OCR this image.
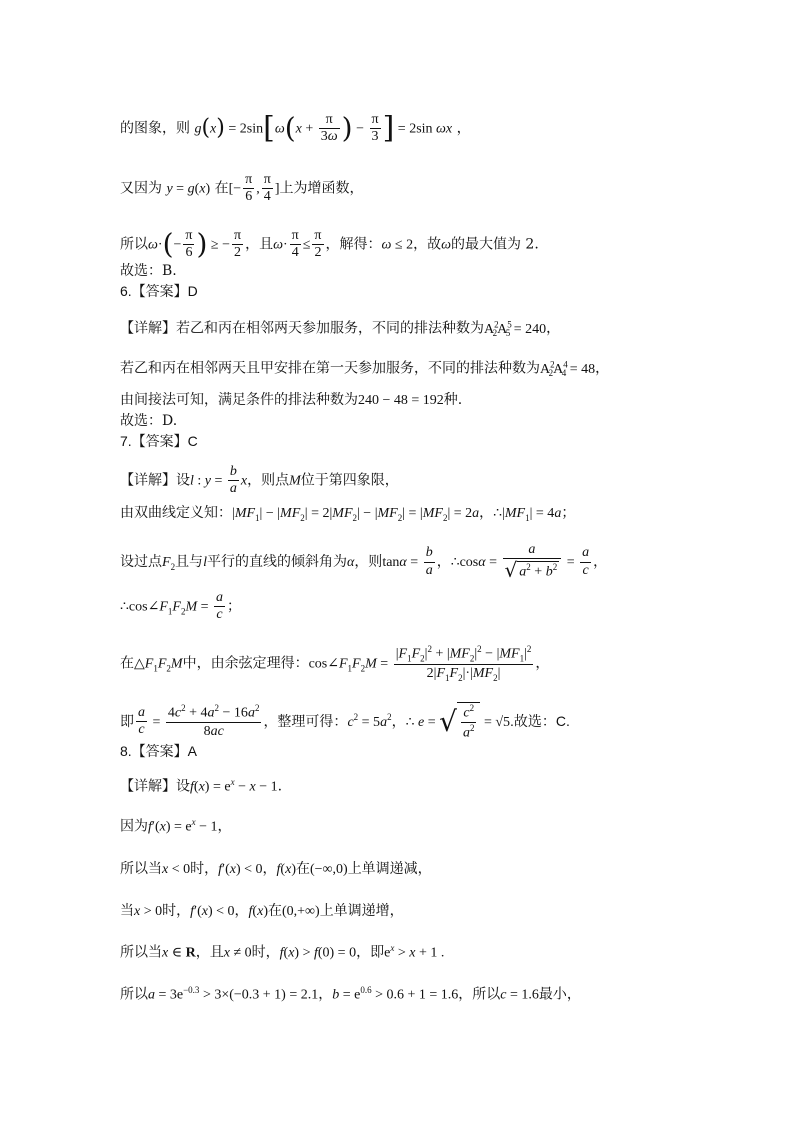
的图象，则 $g(x) = 2\sin[\omega(x + \frac{\pi}{3\omega}$ ) − $\frac{\pi}{3}$ ] = 2sin ωx ，
又因为 y = g(x) 在[− $\frac{\pi}{6}$ , $\frac{\pi}{4}$ ]上为增函数，
所以$\omega\cdot(- \frac{\pi}{6}$ ) ≥ − $\frac{\pi}{2}$ ，且$\omega\cdot \frac{\pi}{4} \le \frac{\pi}{2}$ ，解得：ω ≤ 2，故ω的最大值为 2.
故选：B.
6.【答案】D
【详解】若乙和丙在相邻两天参加服务，不同的排法种数为$A^2_2A^5_5 = 240$，
若乙和丙在相邻两天且甲安排在第一天参加服务，不同的排法种数为$A^2_2A^4_4 = 48$，
由间接法可知，满足条件的排法种数为240 − 48 = 192种.
故选：D.
7.【答案】C
【详解】设l : $y = \frac{b}{a}$ x，则点M位于第四象限，
由双曲线定义知：$|MF_1| - |MF_2| = 2|MF_2| - |MF_2| = |MF_2| = 2a$，$\therefore|MF_1| = 4a$；
设过点$F_2$且与l平行的直线的倾斜角为α，则$\tan\alpha = \frac{b}{a}$ ，∴cosα = $\frac{a}{√ a^2 + b^2} = \frac{a}{c}$ ，
$\therefore\cos\angle F_1F_2M = \frac{a}{c}$ ；
在$\triangle F_1F_2M$中，由余弦定理得：$\cos\angle F_1F_2M = \frac{|F_1F_2|^2 + |MF_2|^2 - |MF_1|^2}{2|F_1F_2|\cdot|MF_2|}$ ，
即 $\frac{a}{c} = \frac{4c^2 + 4a^2 - 16a^2}{8ac}$ ，整理可得：$c^2 = 5a^2$，∴ e = √ $\frac{c^2}{a^2} = √5$.故选：C.
8.【答案】A
【详解】设$f(x) = e^x - x - 1$.
因为$f'(x) = e^x - 1$，
所以当x < 0时，f′(x) < 0，f(x)在(−∞,0)上单调递减，
当x > 0时，f′(x) < 0，f(x)在(0,+∞)上单调递增，
所以当x ∈ R，且x ≠ 0时，f(x) > f(0) = 0，即$e^x > x + 1$ .
所以$a = 3e^{-0.3} > 3\times(-0.3 + 1) = 2.1$，$b = e^{0.6} > 0.6 + 1 = 1.6$，所以c = 1.6最小，
